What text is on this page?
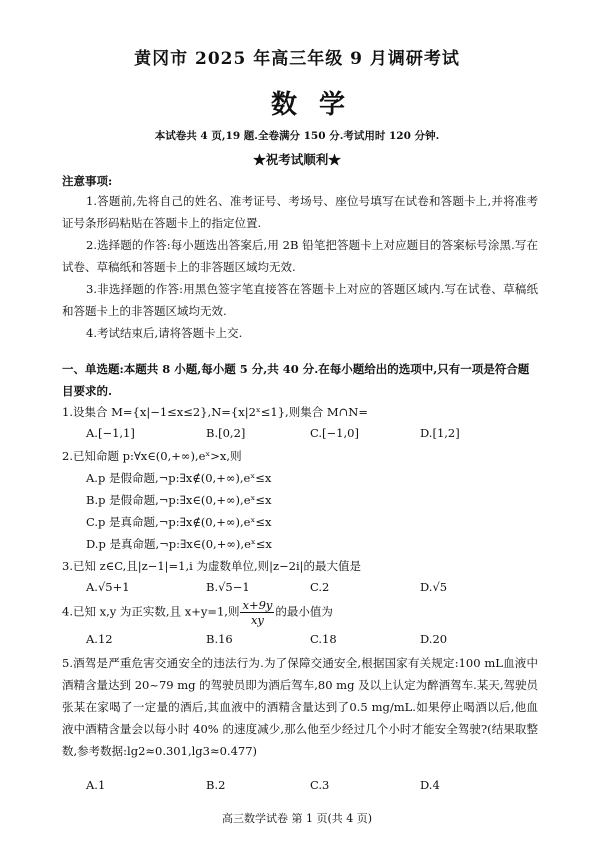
黄冈市 2025 年高三年级 9 月调研考试
数学
本试卷共 4 页,19 题.全卷满分 150 分.考试用时 120 分钟.
★祝考试顺利★
注意事项:
1.答题前,先将自己的姓名、准考证号、考场号、座位号填写在试卷和答题卡上,并将准考证号条形码粘贴在答题卡上的指定位置.
2.选择题的作答:每小题选出答案后,用 2B 铅笔把答题卡上对应题目的答案标号涂黑.写在试卷、草稿纸和答题卡上的非答题区域均无效.
3.非选择题的作答:用黑色签字笔直接答在答题卡上对应的答题区域内.写在试卷、草稿纸和答题卡上的非答题区域均无效.
4.考试结束后,请将答题卡上交.
一、单选题:本题共 8 小题,每小题 5 分,共 40 分.在每小题给出的选项中,只有一项是符合题目要求的.
1.设集合 M={x|−1≤x≤2},N={x|2ˣ≤1},则集合 M∩N=
A.[−1,1]	B.[0,2]	C.[−1,0]	D.[1,2]
2.已知命题 p:∀x∈(0,+∞),eˣ>x,则
A.p 是假命题,¬p:∃x∉(0,+∞),eˣ≤x
B.p 是假命题,¬p:∃x∈(0,+∞),eˣ≤x
C.p 是真命题,¬p:∃x∉(0,+∞),eˣ≤x
D.p 是真命题,¬p:∃x∈(0,+∞),eˣ≤x
3.已知 z∈C,且|z−1|=1,i 为虚数单位,则|z−2i|的最大值是
A.√5+1	B.√5−1	C.2	D.√5
4.已知 x,y 为正实数,且 x+y=1,则 $\frac{x+9y}{xy}$ 的最小值为
A.12	B.16	C.18	D.20
5.酒驾是严重危害交通安全的违法行为.为了保障交通安全,根据国家有关规定:100 mL血液中酒精含量达到 20~79 mg 的驾驶员即为酒后驾车,80 mg 及以上认定为醉酒驾车.某天,驾驶员张某在家喝了一定量的酒后,其血液中的酒精含量达到了0.5 mg/mL.如果停止喝酒以后,他血液中酒精含量会以每小时 40% 的速度减少,那么他至少经过几个小时才能安全驾驶?(结果取整数,参考数据:lg2≈0.301,lg3≈0.477)
A.1	B.2	C.3	D.4
高三数学试卷 第 1 页(共 4 页)
